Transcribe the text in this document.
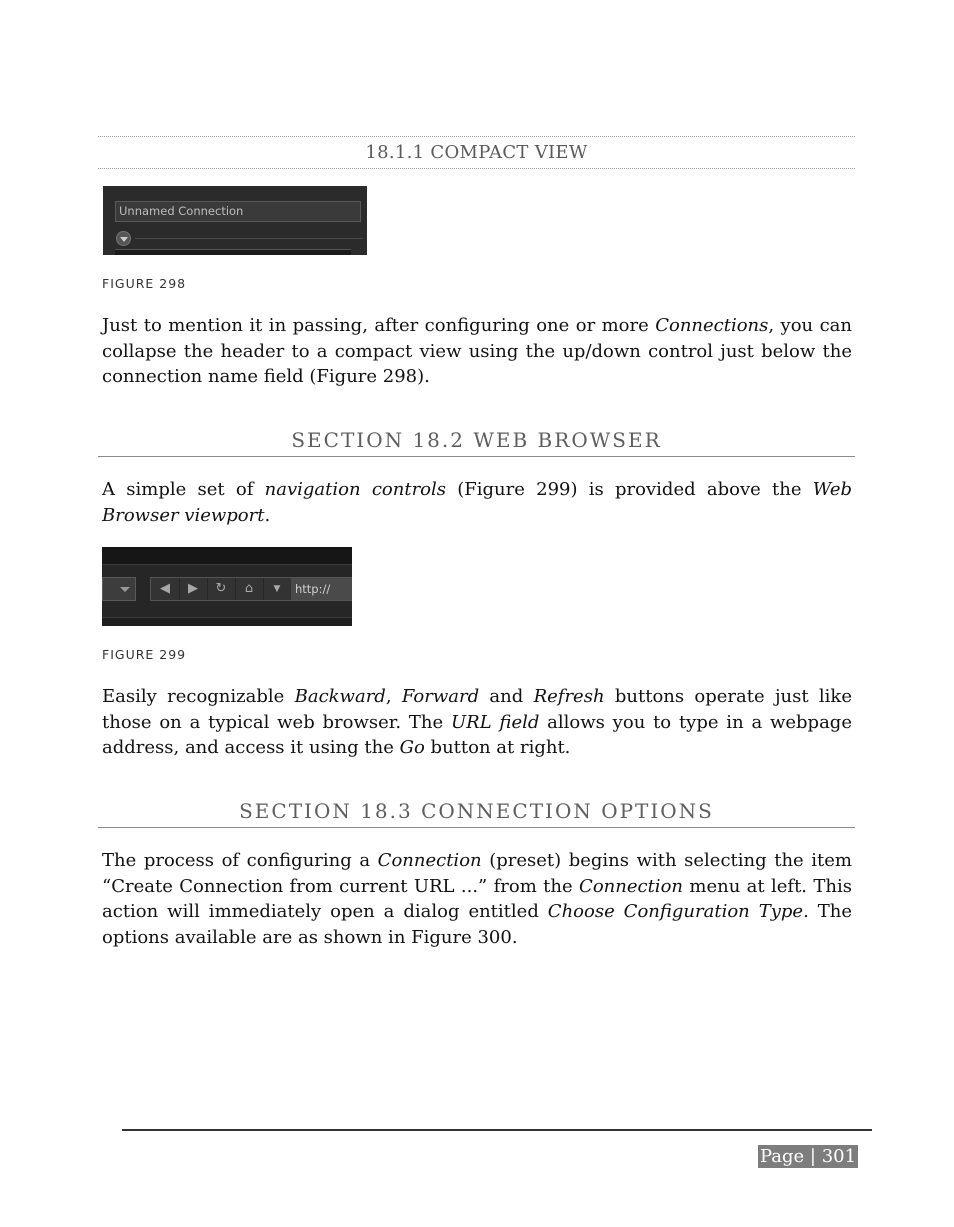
18.1.1 COMPACT VIEW
Unnamed Connection
FIGURE 298
Just to mention it in passing, after configuring one or more Connections, you can collapse the header to a compact view using the up/down control just below the connection name field (Figure 298).
SECTION 18.2 WEB BROWSER
A simple set of navigation controls (Figure 299) is provided above the Web Browser viewport.
◀	▶	↻	⌂	▼	http://
FIGURE 299
Easily recognizable Backward, Forward and Refresh buttons operate just like those on a typical web browser. The URL field allows you to type in a webpage address, and access it using the Go button at right.
SECTION 18.3 CONNECTION OPTIONS
The process of configuring a Connection (preset) begins with selecting the item “Create Connection from current URL ...” from the Connection menu at left. This action will immediately open a dialog entitled Choose Configuration Type. The options available are as shown in Figure 300.
Page | 301
